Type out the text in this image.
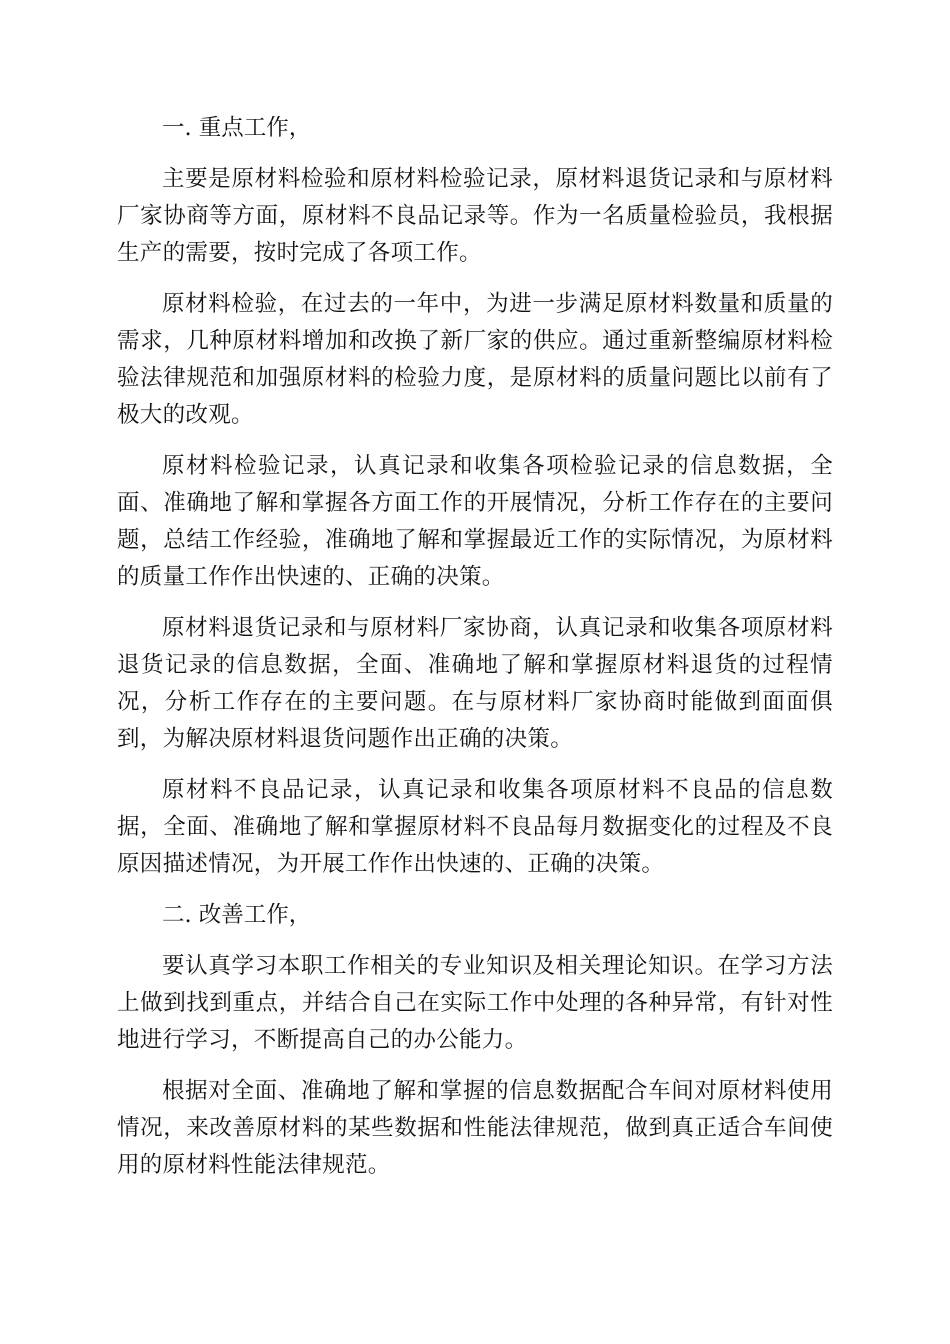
一. 重点工作，

主要是原材料检验和原材料检验记录，原材料退货记录和与原材料厂家协商等方面，原材料不良品记录等。作为一名质量检验员，我根据生产的需要，按时完成了各项工作。

原材料检验，在过去的一年中，为进一步满足原材料数量和质量的需求，几种原材料增加和改换了新厂家的供应。通过重新整编原材料检验法律规范和加强原材料的检验力度，是原材料的质量问题比以前有了极大的改观。

原材料检验记录，认真记录和收集各项检验记录的信息数据，全面、准确地了解和掌握各方面工作的开展情况，分析工作存在的主要问题，总结工作经验，准确地了解和掌握最近工作的实际情况，为原材料的质量工作作出快速的、正确的决策。

原材料退货记录和与原材料厂家协商，认真记录和收集各项原材料退货记录的信息数据，全面、准确地了解和掌握原材料退货的过程情况，分析工作存在的主要问题。在与原材料厂家协商时能做到面面俱到，为解决原材料退货问题作出正确的决策。

原材料不良品记录，认真记录和收集各项原材料不良品的信息数据，全面、准确地了解和掌握原材料不良品每月数据变化的过程及不良原因描述情况，为开展工作作出快速的、正确的决策。

二. 改善工作，

要认真学习本职工作相关的专业知识及相关理论知识。在学习方法上做到找到重点，并结合自己在实际工作中处理的各种异常，有针对性地进行学习，不断提高自己的办公能力。

根据对全面、准确地了解和掌握的信息数据配合车间对原材料使用情况，来改善原材料的某些数据和性能法律规范，做到真正适合车间使用的原材料性能法律规范。
